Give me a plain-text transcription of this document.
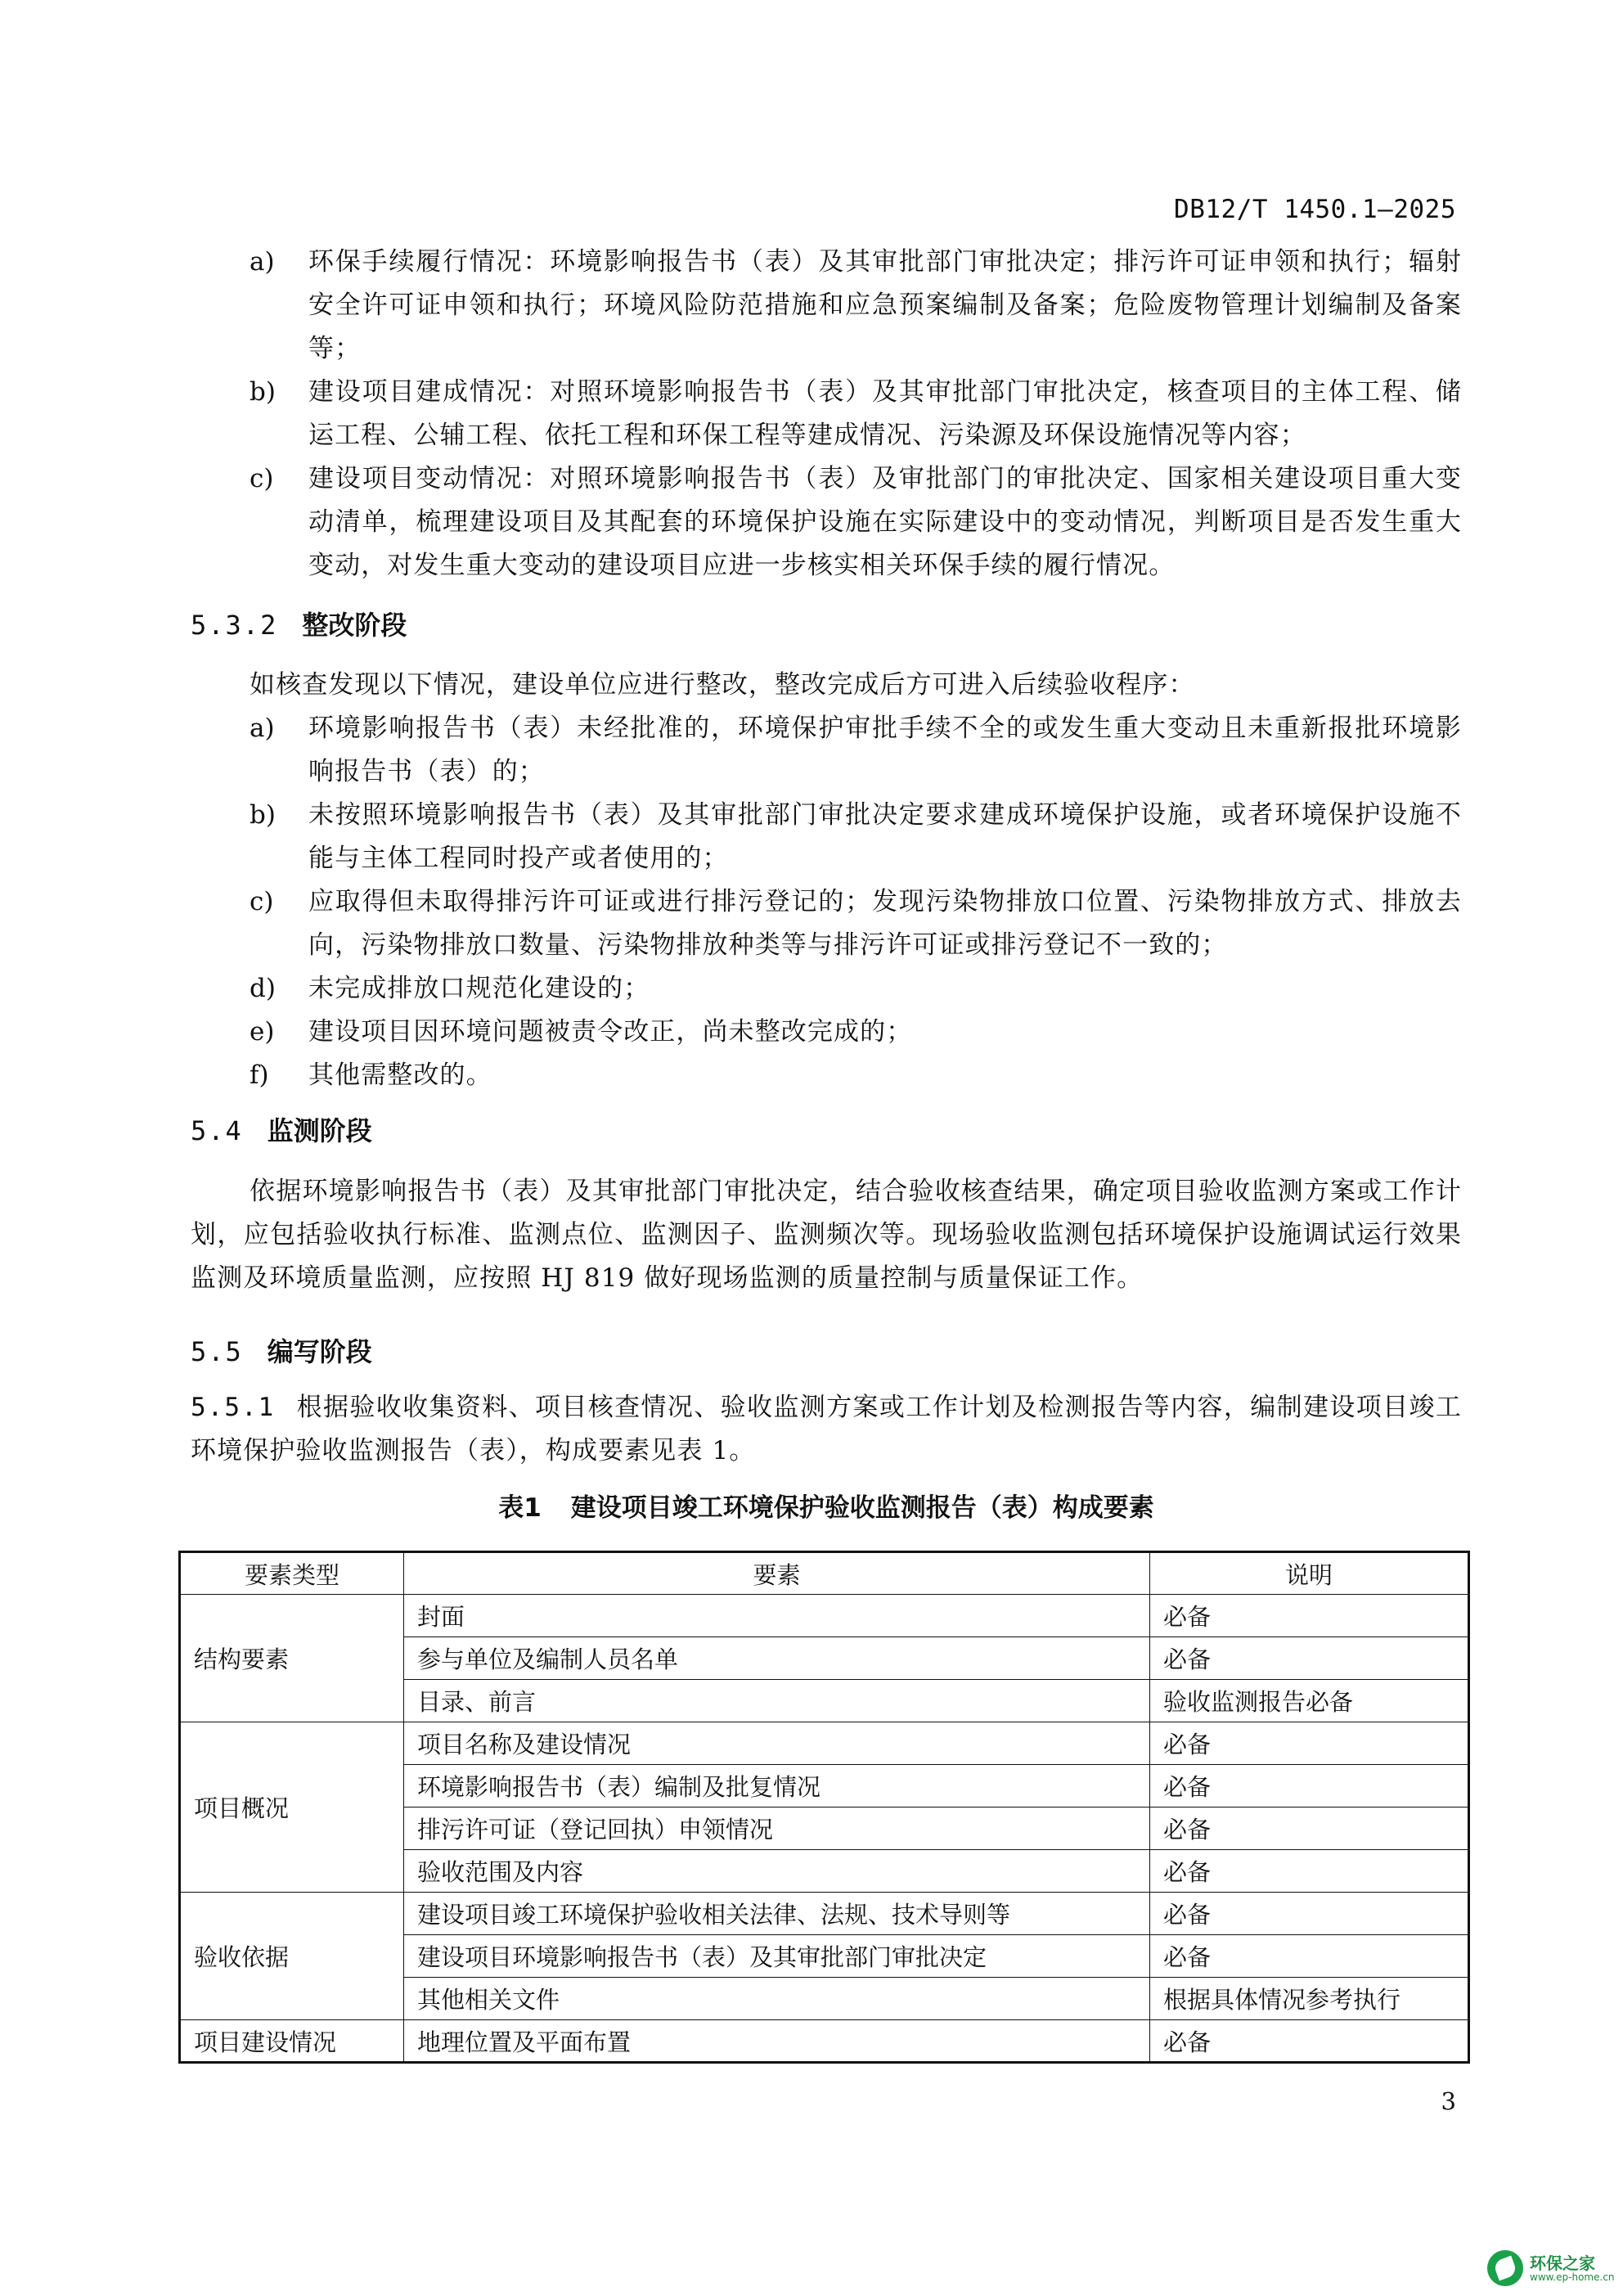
DB12/T 1450.1—2025
a) 环保手续履行情况：环境影响报告书（表）及其审批部门审批决定；排污许可证申领和执行；辐射安全许可证申领和执行；环境风险防范措施和应急预案编制及备案；危险废物管理计划编制及备案等；
b) 建设项目建成情况：对照环境影响报告书（表）及其审批部门审批决定，核查项目的主体工程、储运工程、公辅工程、依托工程和环保工程等建成情况、污染源及环保设施情况等内容；
c) 建设项目变动情况：对照环境影响报告书（表）及审批部门的审批决定、国家相关建设项目重大变动清单，梳理建设项目及其配套的环境保护设施在实际建设中的变动情况，判断项目是否发生重大变动，对发生重大变动的建设项目应进一步核实相关环保手续的履行情况。
5.3.2 整改阶段
如核查发现以下情况，建设单位应进行整改，整改完成后方可进入后续验收程序：
a) 环境影响报告书（表）未经批准的，环境保护审批手续不全的或发生重大变动且未重新报批环境影响报告书（表）的；
b) 未按照环境影响报告书（表）及其审批部门审批决定要求建成环境保护设施，或者环境保护设施不能与主体工程同时投产或者使用的；
c) 应取得但未取得排污许可证或进行排污登记的；发现污染物排放口位置、污染物排放方式、排放去向，污染物排放口数量、污染物排放种类等与排污许可证或排污登记不一致的；
d) 未完成排放口规范化建设的；
e) 建设项目因环境问题被责令改正，尚未整改完成的；
f) 其他需整改的。
5.4 监测阶段
依据环境影响报告书（表）及其审批部门审批决定，结合验收核查结果，确定项目验收监测方案或工作计划，应包括验收执行标准、监测点位、监测因子、监测频次等。现场验收监测包括环境保护设施调试运行效果监测及环境质量监测，应按照 HJ 819 做好现场监测的质量控制与质量保证工作。
5.5 编写阶段
5.5.1 根据验收收集资料、项目核查情况、验收监测方案或工作计划及检测报告等内容，编制建设项目竣工环境保护验收监测报告（表），构成要素见表 1。
表1 建设项目竣工环境保护验收监测报告（表）构成要素
要素类型	要素	说明
结构要素	封面	必备
	参与单位及编制人员名单	必备
	目录、前言	验收监测报告必备
项目概况	项目名称及建设情况	必备
	环境影响报告书（表）编制及批复情况	必备
	排污许可证（登记回执）申领情况	必备
	验收范围及内容	必备
验收依据	建设项目竣工环境保护验收相关法律、法规、技术导则等	必备
	建设项目环境影响报告书（表）及其审批部门审批决定	必备
	其他相关文件	根据具体情况参考执行
项目建设情况	地理位置及平面布置	必备
3
环保之家
www.ep-home.cn
